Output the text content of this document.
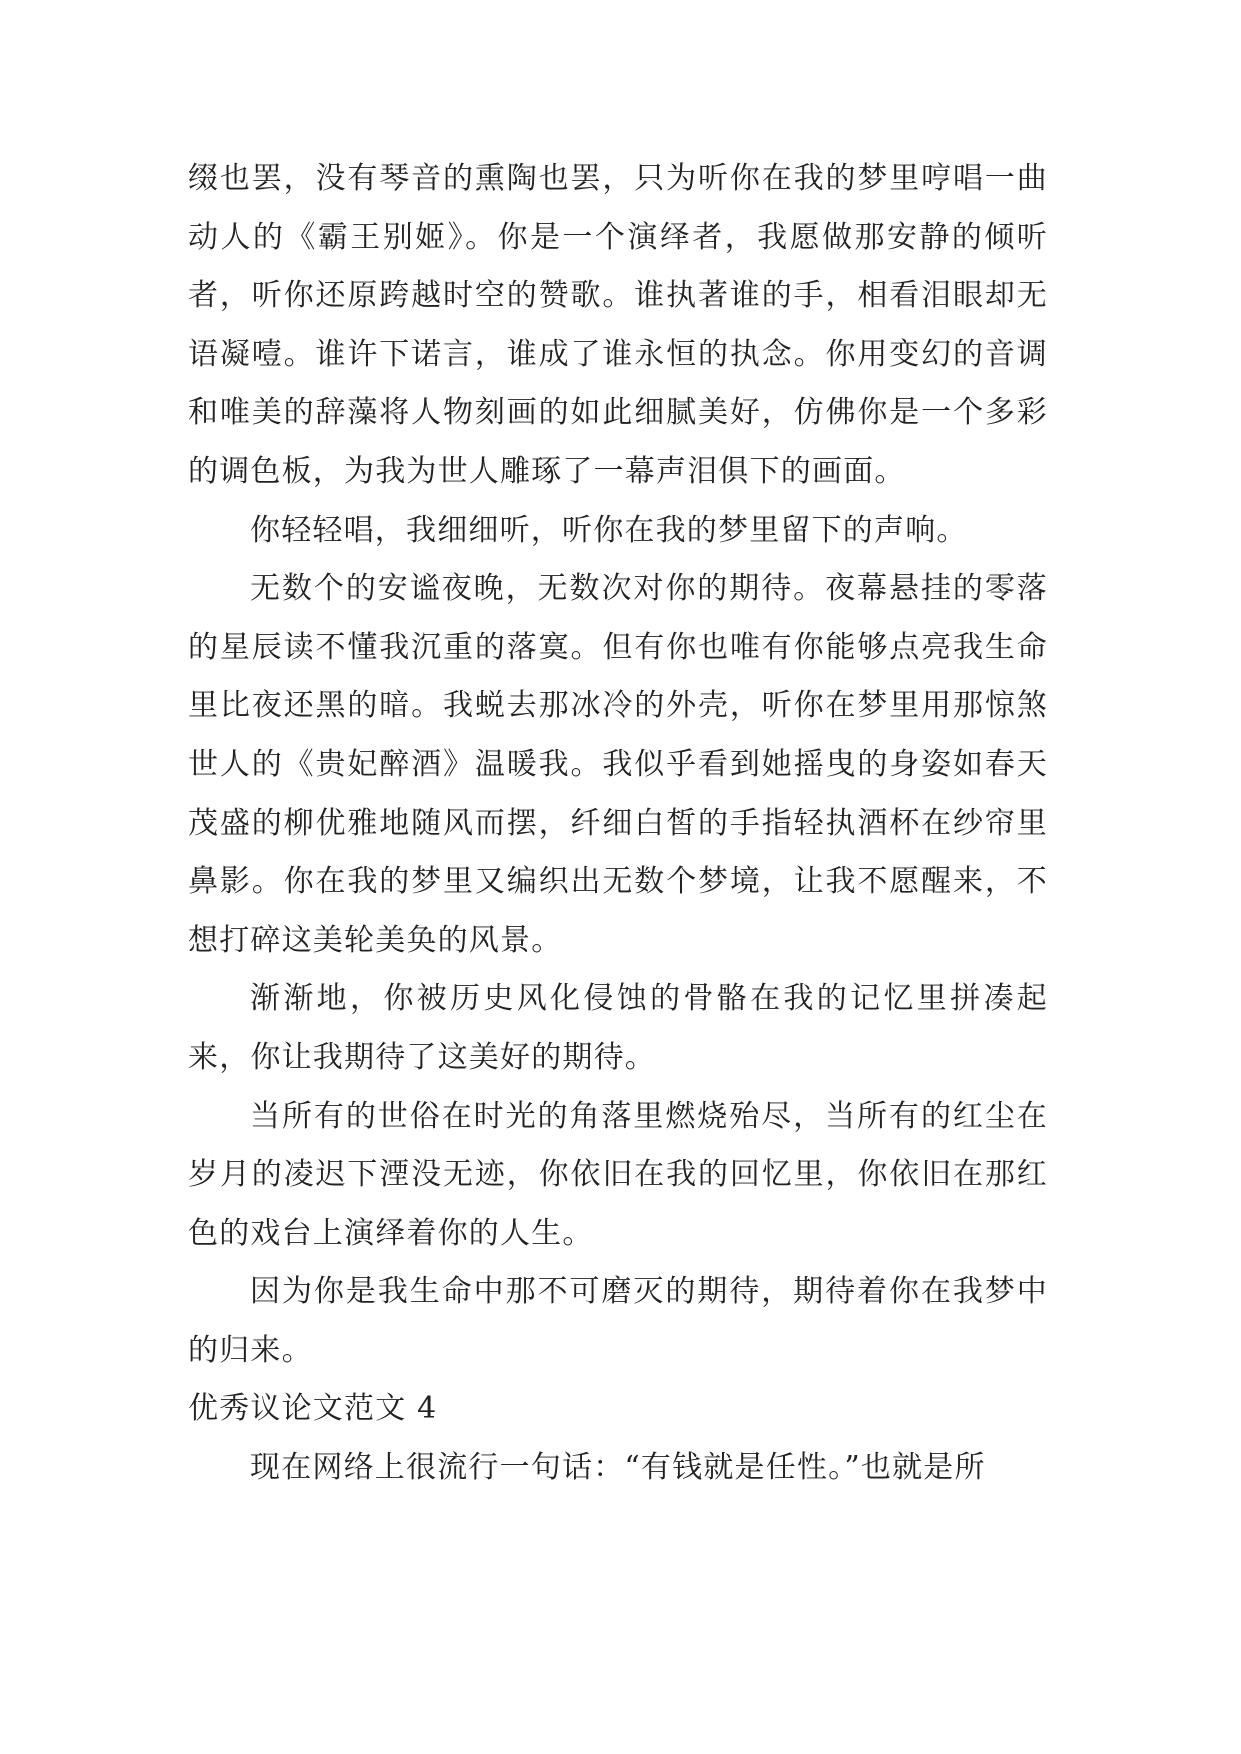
缀也罢，没有琴音的熏陶也罢，只为听你在我的梦里哼唱一曲动人的《霸王别姬》。你是一个演绎者，我愿做那安静的倾听者，听你还原跨越时空的赞歌。谁执著谁的手，相看泪眼却无语凝噎。谁许下诺言，谁成了谁永恒的执念。你用变幻的音调和唯美的辞藻将人物刻画的如此细腻美好，仿佛你是一个多彩的调色板，为我为世人雕琢了一幕声泪俱下的画面。

你轻轻唱，我细细听，听你在我的梦里留下的声响。

无数个的安谧夜晚，无数次对你的期待。夜幕悬挂的零落的星辰读不懂我沉重的落寞。但有你也唯有你能够点亮我生命里比夜还黑的暗。我蜕去那冰冷的外壳，听你在梦里用那惊煞世人的《贵妃醉酒》温暖我。我似乎看到她摇曳的身姿如春天茂盛的柳优雅地随风而摆，纤细白皙的手指轻执酒杯在纱帘里鼻影。你在我的梦里又编织出无数个梦境，让我不愿醒来，不想打碎这美轮美奂的风景。

渐渐地，你被历史风化侵蚀的骨骼在我的记忆里拼凑起来，你让我期待了这美好的期待。

当所有的世俗在时光的角落里燃烧殆尽，当所有的红尘在岁月的凌迟下湮没无迹，你依旧在我的回忆里，你依旧在那红色的戏台上演绎着你的人生。

因为你是我生命中那不可磨灭的期待，期待着你在我梦中的归来。

优秀议论文范文 4

现在网络上很流行一句话：“有钱就是任性。”也就是所
